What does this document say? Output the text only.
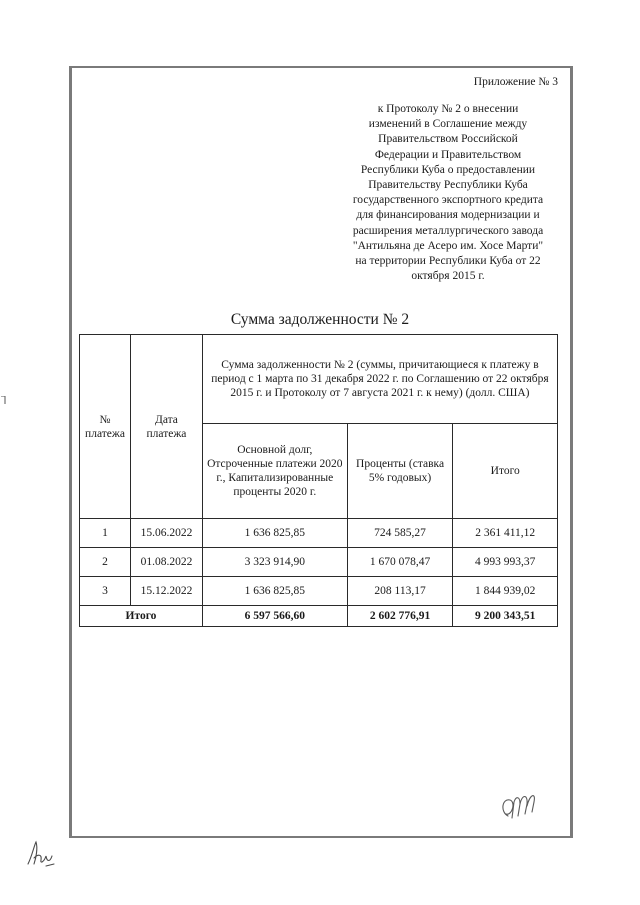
Приложение № 3
к Протоколу № 2 о внесении
изменений в Соглашение между
Правительством Российской
Федерации и Правительством
Республики Куба о предоставлении
Правительству Республики Куба
государственного экспортного кредита
для финансирования модернизации и
расширения металлургического завода
"Антильяна де Асеро им. Хосе Марти"
на территории Республики Куба от 22
октября 2015 г.
Сумма задолженности № 2
№ платежа	Дата платежа	Сумма задолженности № 2 (суммы, причитающиеся к платежу в период с 1 марта по 31 декабря 2022 г. по Соглашению от 22 октября 2015 г. и Протоколу от 7 августа 2021 г. к нему) (долл. США)		
		Основной долг, Отсроченные платежи 2020 г., Капитализированные проценты 2020 г.	Проценты (ставка 5% годовых)	Итого
1	15.06.2022	1 636 825,85	724 585,27	2 361 411,12
2	01.08.2022	3 323 914,90	1 670 078,47	4 993 993,37
3	15.12.2022	1 636 825,85	208 113,17	1 844 939,02
Итого		6 597 566,60	2 602 776,91	9 200 343,51
